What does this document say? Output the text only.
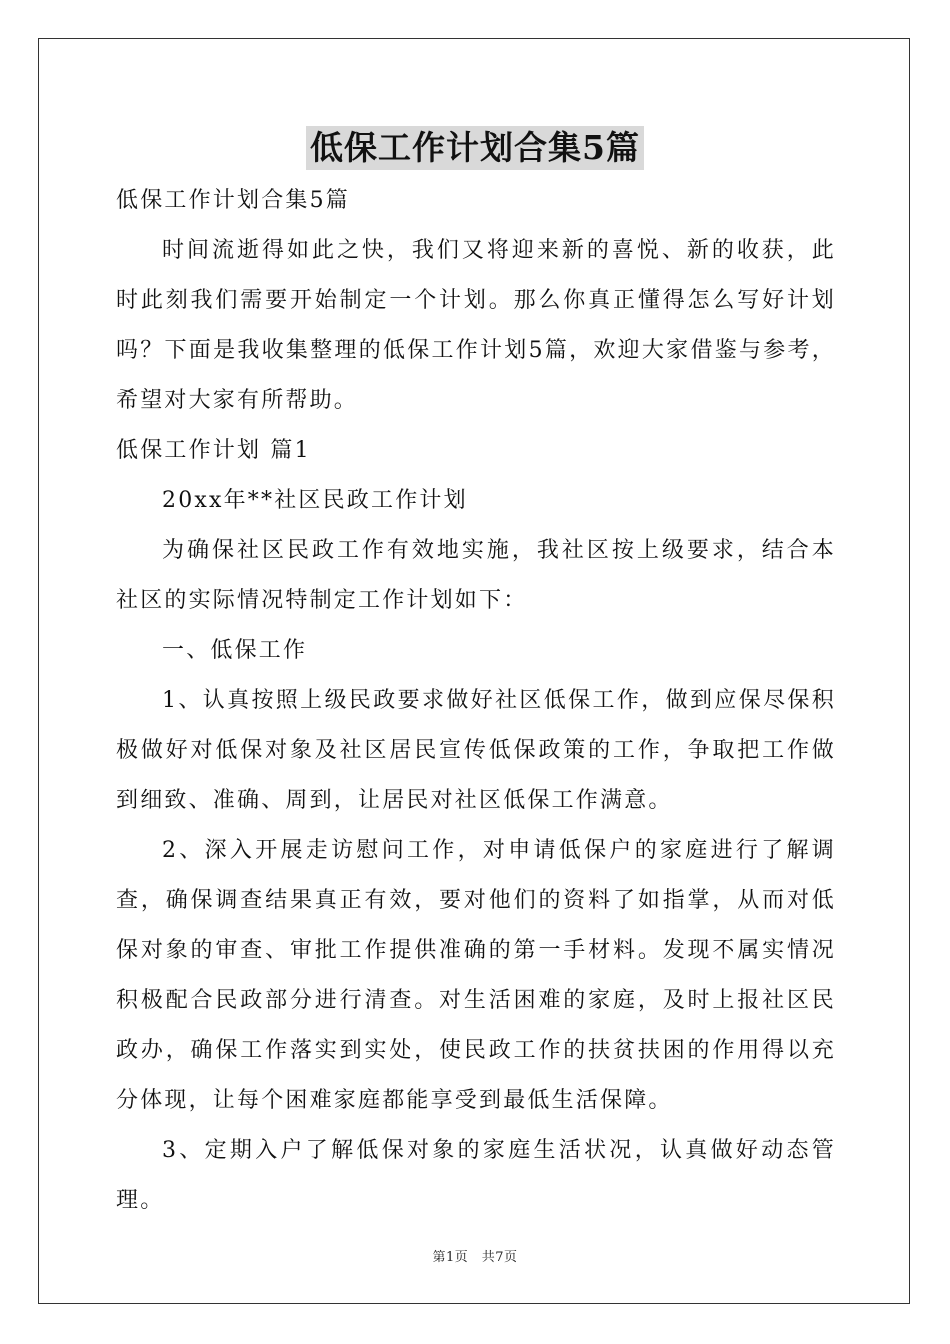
低保工作计划合集5篇

低保工作计划合集5篇

时间流逝得如此之快，我们又将迎来新的喜悦、新的收获，此时此刻我们需要开始制定一个计划。那么你真正懂得怎么写好计划吗？下面是我收集整理的低保工作计划5篇，欢迎大家借鉴与参考，希望对大家有所帮助。

低保工作计划 篇1

20xx年**社区民政工作计划

为确保社区民政工作有效地实施，我社区按上级要求，结合本社区的实际情况特制定工作计划如下：

一、低保工作

1、认真按照上级民政要求做好社区低保工作，做到应保尽保积极做好对低保对象及社区居民宣传低保政策的工作，争取把工作做到细致、准确、周到，让居民对社区低保工作满意。

2、深入开展走访慰问工作，对申请低保户的家庭进行了解调查，确保调查结果真正有效，要对他们的资料了如指掌，从而对低保对象的审查、审批工作提供准确的第一手材料。发现不属实情况积极配合民政部分进行清查。对生活困难的家庭，及时上报社区民政办，确保工作落实到实处，使民政工作的扶贫扶困的作用得以充分体现，让每个困难家庭都能享受到最低生活保障。

3、定期入户了解低保对象的家庭生活状况，认真做好动态管理。

第1页　共7页
